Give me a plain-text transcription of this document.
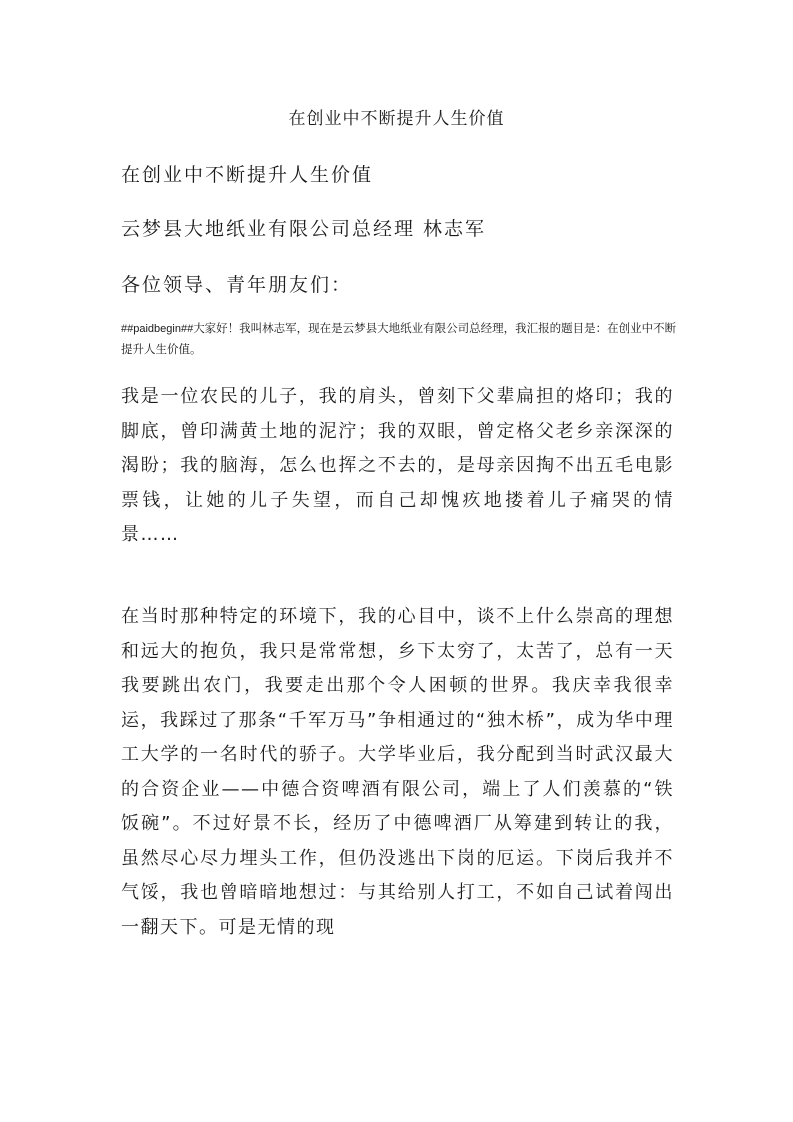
在创业中不断提升人生价值
在创业中不断提升人生价值
云梦县大地纸业有限公司总经理 林志军
各位领导、青年朋友们：
##paidbegin##大家好！我叫林志军，现在是云梦县大地纸业有限公司总经理，我汇报的题目是：在创业中不断提升人生价值。
我是一位农民的儿子，我的肩头，曾刻下父辈扁担的烙印；我的脚底，曾印满黄土地的泥泞；我的双眼，曾定格父老乡亲深深的渴盼；我的脑海，怎么也挥之不去的，是母亲因掏不出五毛电影票钱，让她的儿子失望，而自己却愧疚地搂着儿子痛哭的情景……
在当时那种特定的环境下，我的心目中，谈不上什么崇高的理想和远大的抱负，我只是常常想，乡下太穷了，太苦了，总有一天我要跳出农门，我要走出那个令人困顿的世界。我庆幸我很幸运，我踩过了那条“千军万马”争相通过的“独木桥”，成为华中理工大学的一名时代的骄子。大学毕业后，我分配到当时武汉最大的合资企业——中德合资啤酒有限公司，端上了人们羡慕的“铁饭碗”。不过好景不长，经历了中德啤酒厂从筹建到转让的我，虽然尽心尽力埋头工作，但仍没逃出下岗的厄运。下岗后我并不气馁，我也曾暗暗地想过：与其给别人打工，不如自己试着闯出一翻天下。可是无情的现
